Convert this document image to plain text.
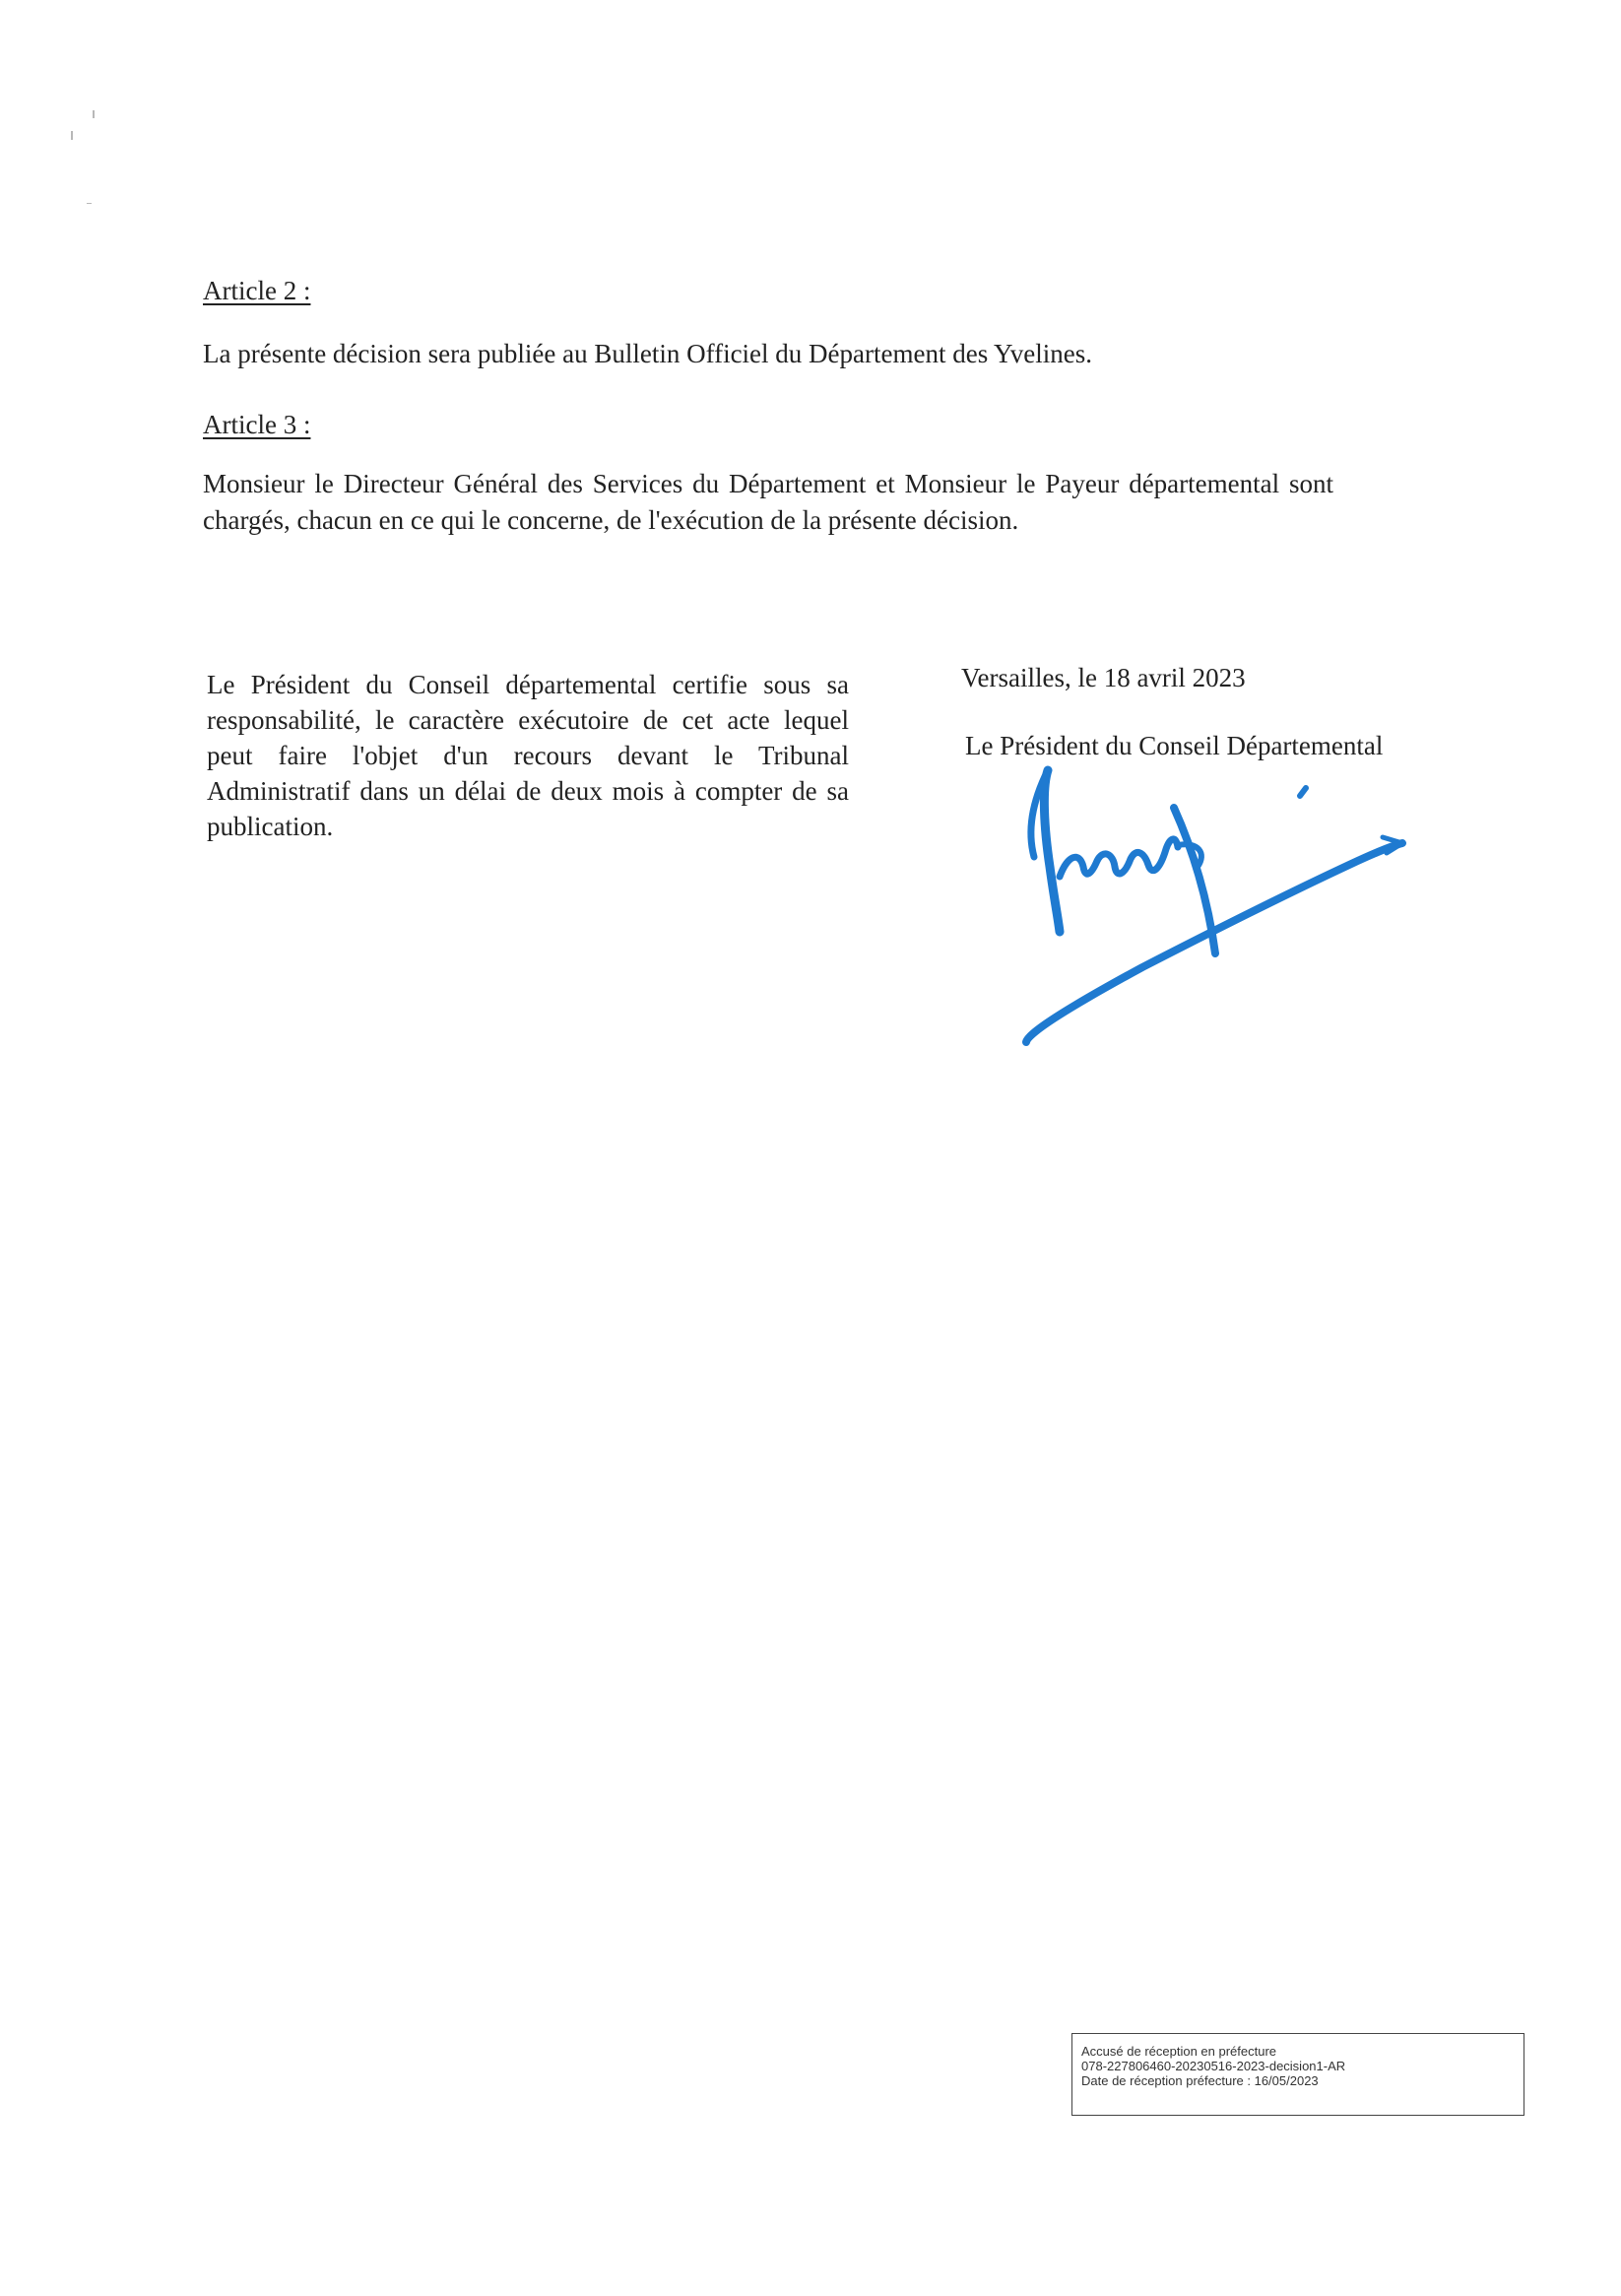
Article 2 :
La présente décision sera publiée au Bulletin Officiel du Département des Yvelines.
Article 3 :
Monsieur le Directeur Général des Services du Département et Monsieur le Payeur départemental sont chargés, chacun en ce qui le concerne, de l'exécution de la présente décision.
Le Président du Conseil départemental certifie sous sa responsabilité, le caractère exécutoire de cet acte lequel peut faire l'objet d'un recours devant le Tribunal Administratif dans un délai de deux mois à compter de sa publication.
Versailles, le 18 avril 2023
Le Président du Conseil Départemental
Accusé de réception en préfecture
078-227806460-20230516-2023-decision1-AR
Date de réception préfecture : 16/05/2023
